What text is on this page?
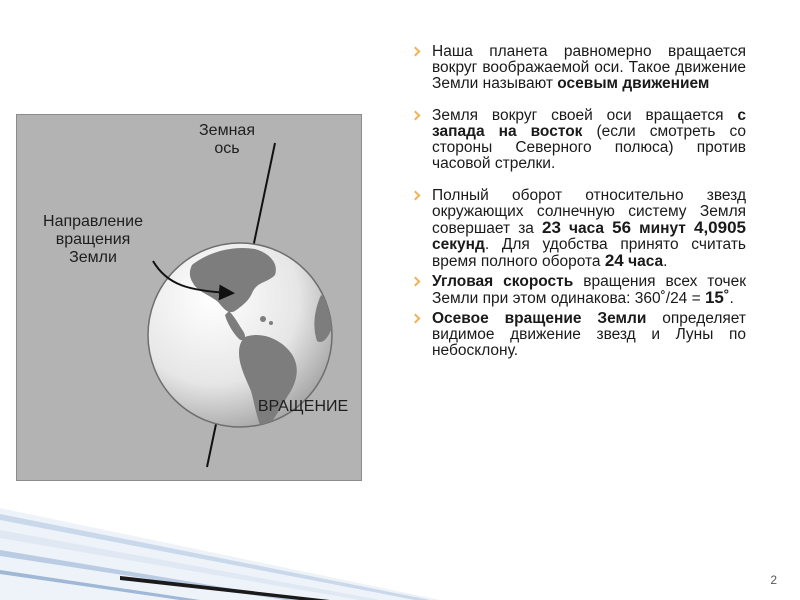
Земная
ось
Направление
вращения
Земли
ВРАЩЕНИЕ

Наша планета равномерно вращается вокруг воображаемой оси. Такое движение Земли называют осевым движением

Земля вокруг своей оси вращается с запада на восток (если смотреть со стороны Северного полюса) против часовой стрелки.

Полный оборот относительно звезд окружающих солнечную систему Земля совершает за 23 часа 56 минут 4,0905 секунд. Для удобства принято считать время полного оборота 24 часа.

Угловая скорость вращения всех точек Земли при этом одинакова: 360˚/24 = 15˚.

Осевое вращение Земли определяет видимое движение звезд и Луны по небосклону.

2
